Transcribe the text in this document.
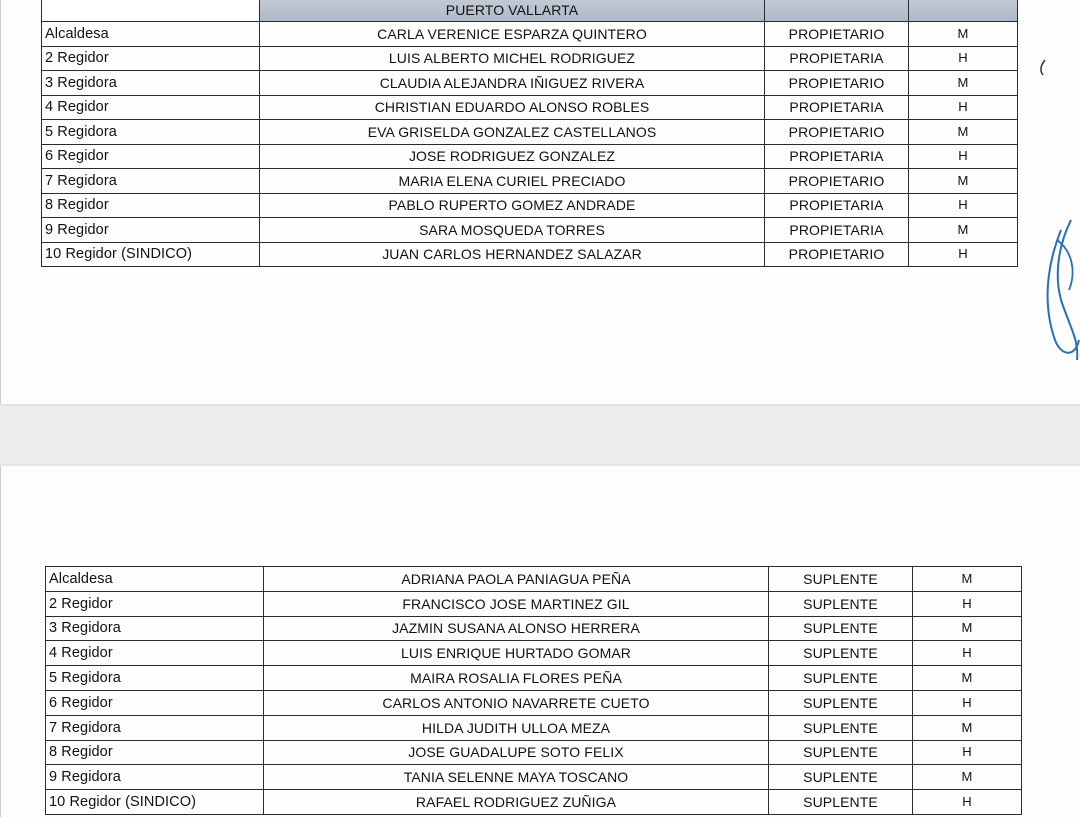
	PUERTO VALLARTA		
Alcaldesa	CARLA VERENICE ESPARZA QUINTERO	PROPIETARIO	M
2 Regidor	LUIS ALBERTO MICHEL RODRIGUEZ	PROPIETARIA	H
3 Regidora	CLAUDIA ALEJANDRA IÑIGUEZ RIVERA	PROPIETARIO	M
4 Regidor	CHRISTIAN EDUARDO ALONSO ROBLES	PROPIETARIA	H
5 Regidora	EVA GRISELDA GONZALEZ CASTELLANOS	PROPIETARIO	M
6 Regidor	JOSE RODRIGUEZ GONZALEZ	PROPIETARIA	H
7 Regidora	MARIA ELENA CURIEL PRECIADO	PROPIETARIO	M
8 Regidor	PABLO RUPERTO GOMEZ ANDRADE	PROPIETARIA	H
9 Regidor	SARA MOSQUEDA TORRES	PROPIETARIA	M
10 Regidor (SINDICO)	JUAN CARLOS HERNANDEZ SALAZAR	PROPIETARIO	H
Alcaldesa	ADRIANA PAOLA PANIAGUA PEÑA	SUPLENTE	M
2 Regidor	FRANCISCO JOSE MARTINEZ GIL	SUPLENTE	H
3 Regidora	JAZMIN SUSANA ALONSO HERRERA	SUPLENTE	M
4 Regidor	LUIS ENRIQUE HURTADO GOMAR	SUPLENTE	H
5 Regidora	MAIRA ROSALIA FLORES PEÑA	SUPLENTE	M
6 Regidor	CARLOS ANTONIO NAVARRETE CUETO	SUPLENTE	H
7 Regidora	HILDA JUDITH ULLOA MEZA	SUPLENTE	M
8 Regidor	JOSE GUADALUPE SOTO FELIX	SUPLENTE	H
9 Regidora	TANIA SELENNE MAYA TOSCANO	SUPLENTE	M
10 Regidor (SINDICO)	RAFAEL RODRIGUEZ ZUÑIGA	SUPLENTE	H
